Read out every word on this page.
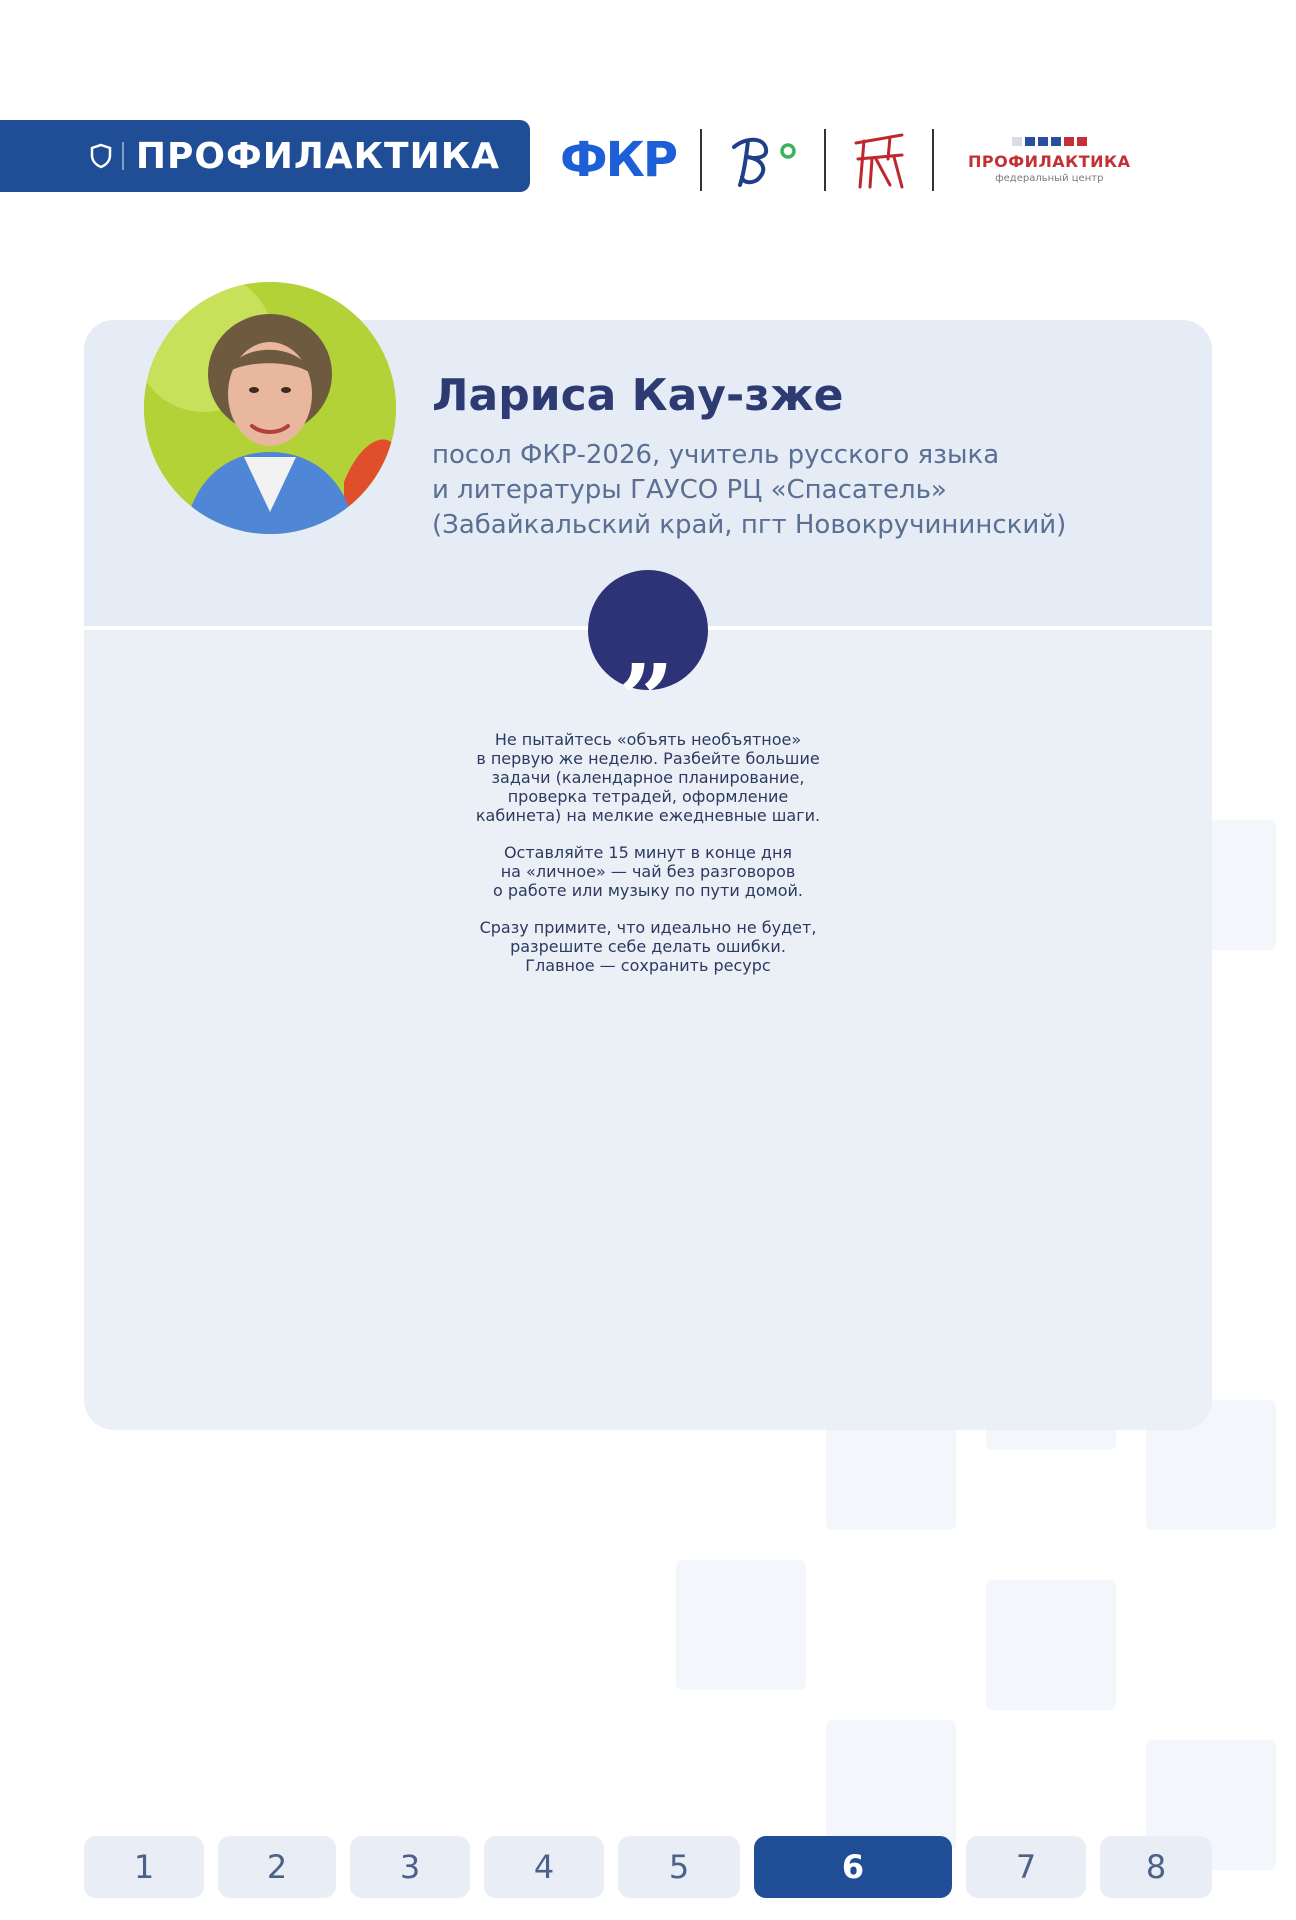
ПРОФИЛАКТИКА ФКР	ПРОФИЛАКТИКА
федеральный центр
Лариса Кау-зже
посол ФКР-2026, учитель русского языка
и литературы ГАУСО РЦ «Спасатель»
(Забайкальский край, пгт Новокручининский)
„

Не пытайтесь «объять необъятное»
в первую же неделю. Разбейте большие
задачи (календарное планирование,
проверка тетрадей, оформление
кабинета) на мелкие ежедневные шаги.

Оставляйте 15 минут в конце дня
на «личное» — чай без разговоров
о работе или музыку по пути домой.

Сразу примите, что идеально не будет,
разрешите себе делать ошибки.
Главное — сохранить ресурс

1	2	3	4	5	6	7	8
